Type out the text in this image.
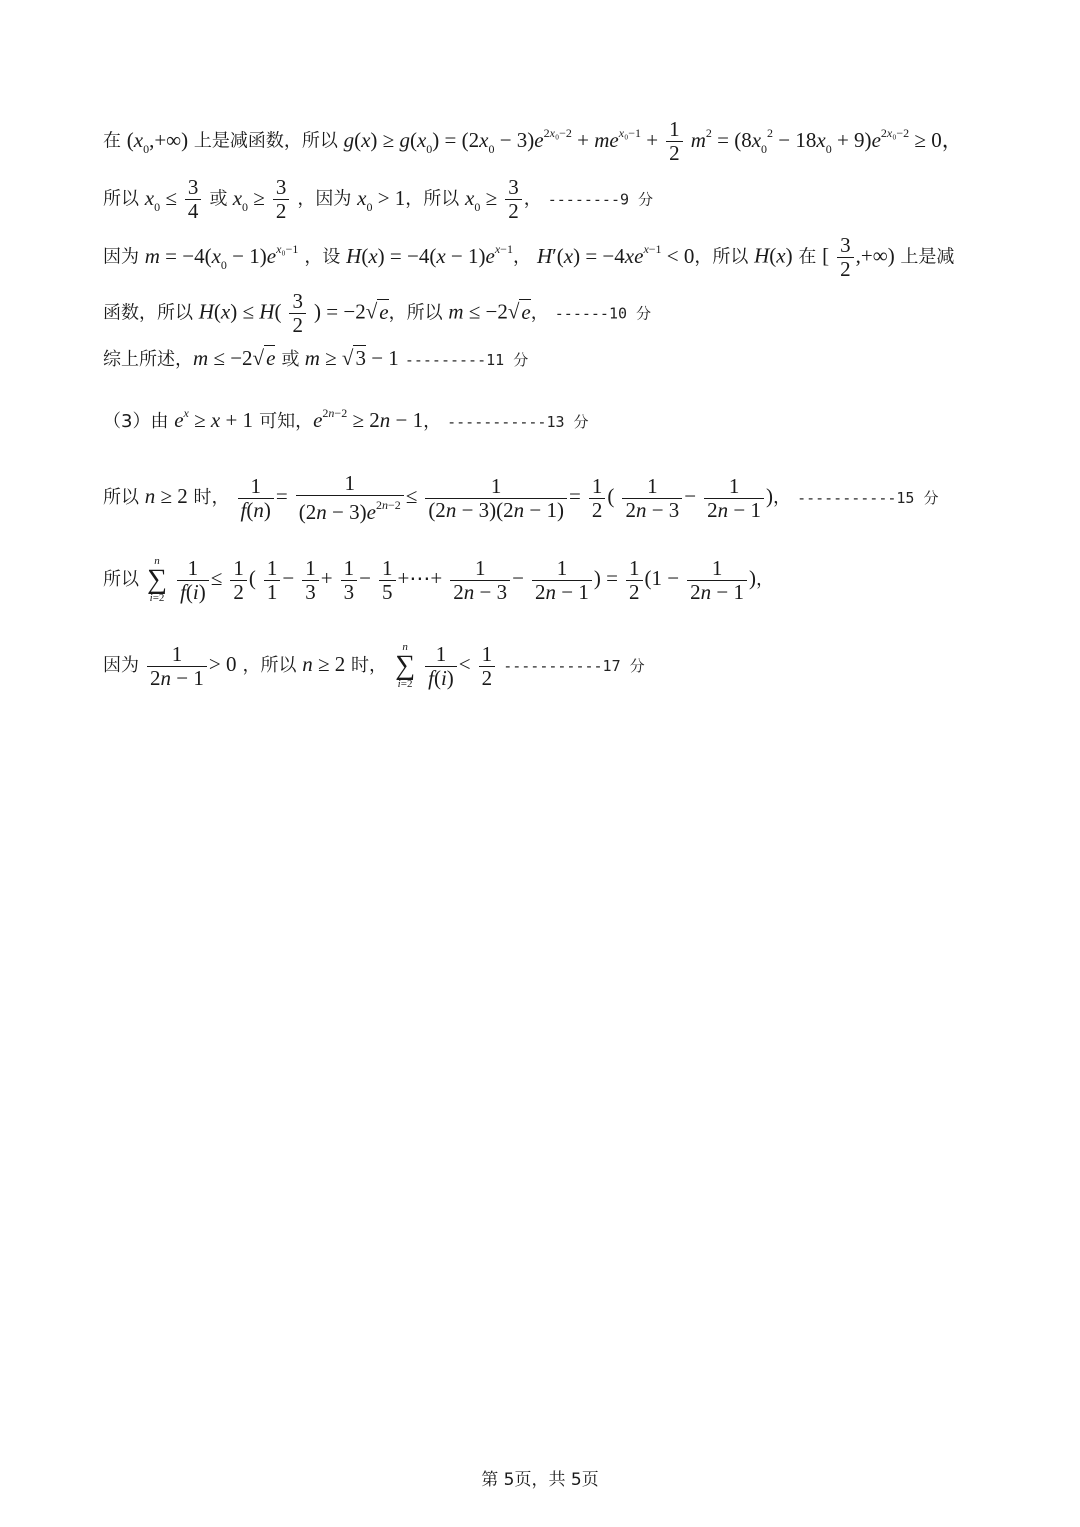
在 $(x_0,+\infty)$ 上是减函数，所以 $g(x) \ge g(x_0) = (2x_0 - 3)e^{2x_0-2} + me^{x_0-1} + \frac{1}{2} m^2 = (8x_0^2 - 18x_0 + 9)e^{2x_0-2} \ge 0$，
所以 $x_0 \le \frac{3}{4}$ 或 $x_0 \ge \frac{3}{2}$ ，因为 $x_0 > 1$，所以 $x_0 \ge \frac{3}{2}$ ， --------9 分
因为 $m = -4(x_0 - 1)e^{x_0-1}$ ，设 $H(x) = -4(x - 1)e^{x-1}$， $H'(x) = -4xe^{x-1} < 0$，所以 H(x) 在 [ $\frac{3}{2}$ ,+∞) 上是减
函数，所以 $H(x) \le H( \frac{3}{2}$ ) = −2√e，所以 m ≤ −2√e， ------10 分
综上所述，m ≤ −2√e 或 m ≥ √3 − 1 ---------11 分
（3）由 $e^x \ge x + 1$ 可知，$e^{2n-2} \ge 2n - 1$， -----------13 分
所以 n ≥ 2 时， $\frac{1}{f(n)} = \frac{1}{(2n - 3)e^{2n-2}} \le \frac{1}{(2n - 3)(2n - 1)} = \frac{1}{2}$ ( $\frac{1}{2n - 3} - \frac{1}{2n - 1}$ )， -----------15 分
所以
n
∑
i=2
$\frac{1}{f(i)} \le \frac{1}{2}$ ( $\frac{1}{1} - \frac{1}{3} + \frac{1}{3} - \frac{1}{5}$ +⋯+ $\frac{1}{2n - 3} - \frac{1}{2n - 1}$ ) = $\frac{1}{2} (1 - \frac{1}{2n - 1}$ )，
因为 $\frac{1}{2n - 1} > 0$ ，所以 n ≥ 2 时，
n
∑
i=2
$\frac{1}{f(i)} < \frac{1}{2} -----------17$ 分
第 5页，共 5页
